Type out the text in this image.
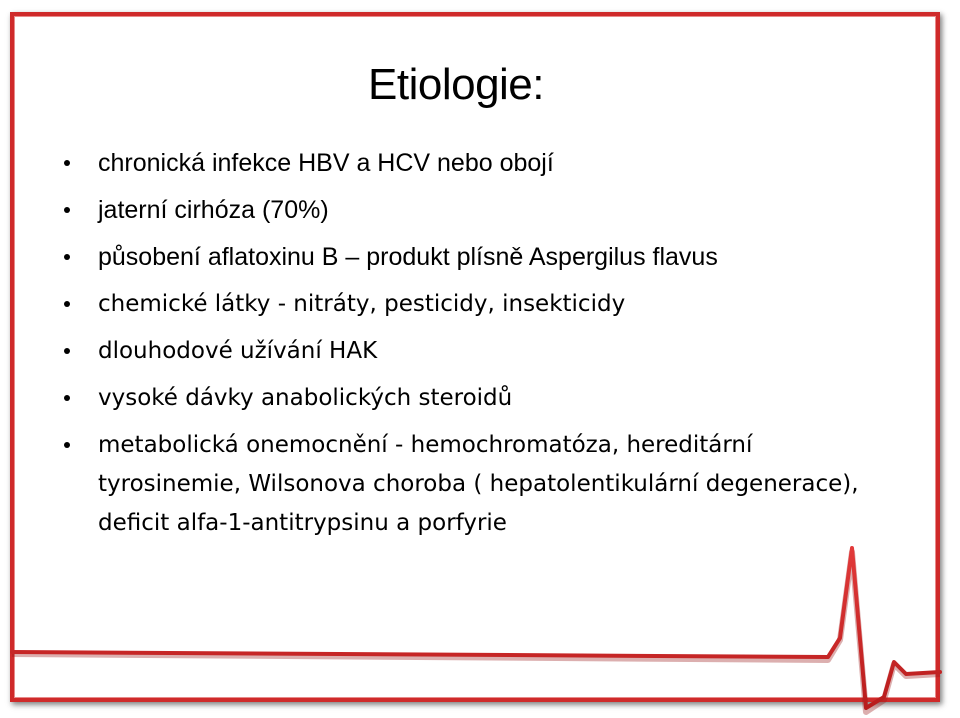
Etiologie:
chronická infekce HBV a HCV nebo obojí
jaterní cirhóza (70%)
působení aflatoxinu B – produkt plísně Aspergilus flavus
chemické látky - nitráty, pesticidy, insekticidy
dlouhodové užívání HAK
vysoké dávky anabolických steroidů
metabolická onemocnění - hemochromatóza, hereditární tyrosinemie, Wilsonova choroba ( hepatolentikulární degenerace), deficit alfa-1-antitrypsinu a porfyrie
